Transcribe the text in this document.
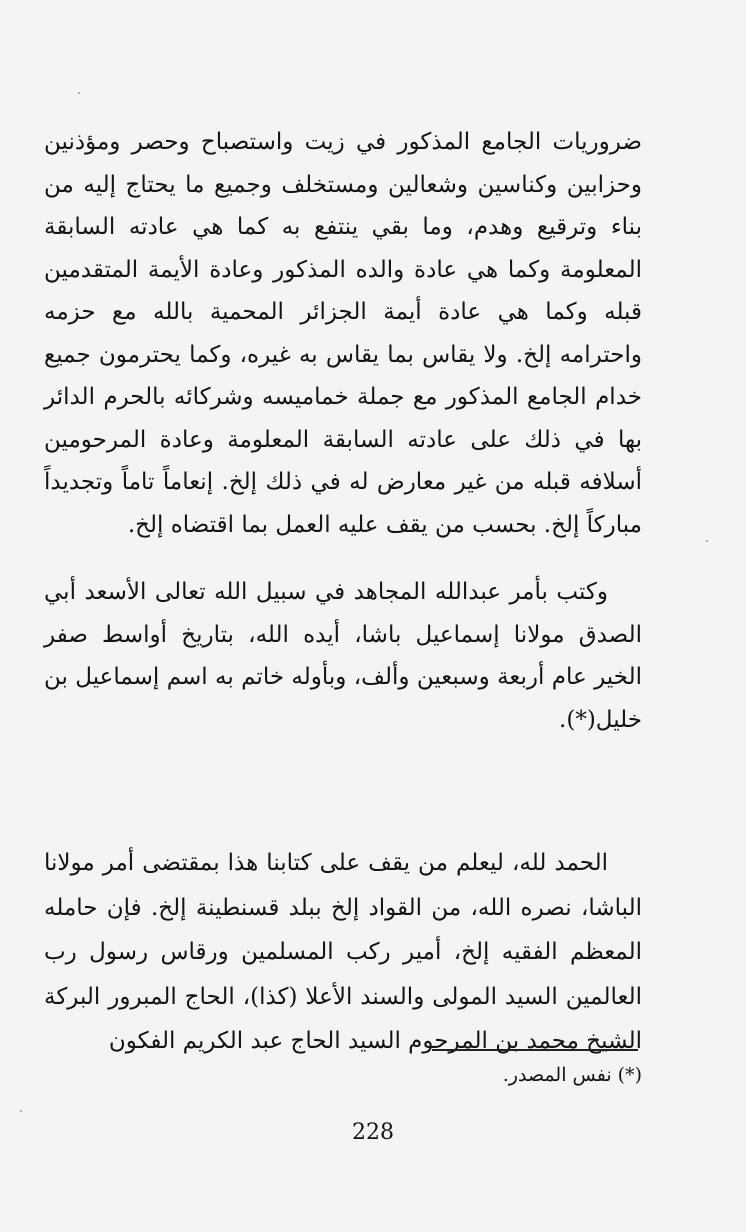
ضروريات الجامع المذكور في زيت واستصباح وحصر ومؤذنين وحزابين وكناسين وشعالين ومستخلف وجميع ما يحتاج إليه من بناء وترقيع وهدم، وما بقي ينتفع به كما هي عادته السابقة المعلومة وكما هي عادة والده المذكور وعادة الأيمة المتقدمين قبله وكما هي عادة أيمة الجزائر المحمية بالله مع حزمه واحترامه إلخ. ولا يقاس بما يقاس به غيره، وكما يحترمون جميع خدام الجامع المذكور مع جملة خماميسه وشركائه بالحرم الدائر بها في ذلك على عادته السابقة المعلومة وعادة المرحومين أسلافه قبله من غير معارض له في ذلك إلخ. إنعاماً تاماً وتجديداً مباركاً إلخ. بحسب من يقف عليه العمل بما اقتضاه إلخ.

وكتب بأمر عبدالله المجاهد في سبيل الله تعالى الأسعد أبي الصدق مولانا إسماعيل باشا، أيده الله، بتاريخ أواسط صفر الخير عام أربعة وسبعين وألف، وبأوله خاتم به اسم إسماعيل بن خليل(*).

الحمد لله، ليعلم من يقف على كتابنا هذا بمقتضى أمر مولانا الباشا، نصره الله، من القواد إلخ ببلد قسنطينة إلخ. فإن حامله المعظم الفقيه إلخ، أمير ركب المسلمين ورقاس رسول رب العالمين السيد المولى والسند الأعلا (كذا)، الحاج المبرور البركة الشيخ محمد بن المرحوم السيد الحاج عبد الكريم الفكون

(*) نفس المصدر.
228
